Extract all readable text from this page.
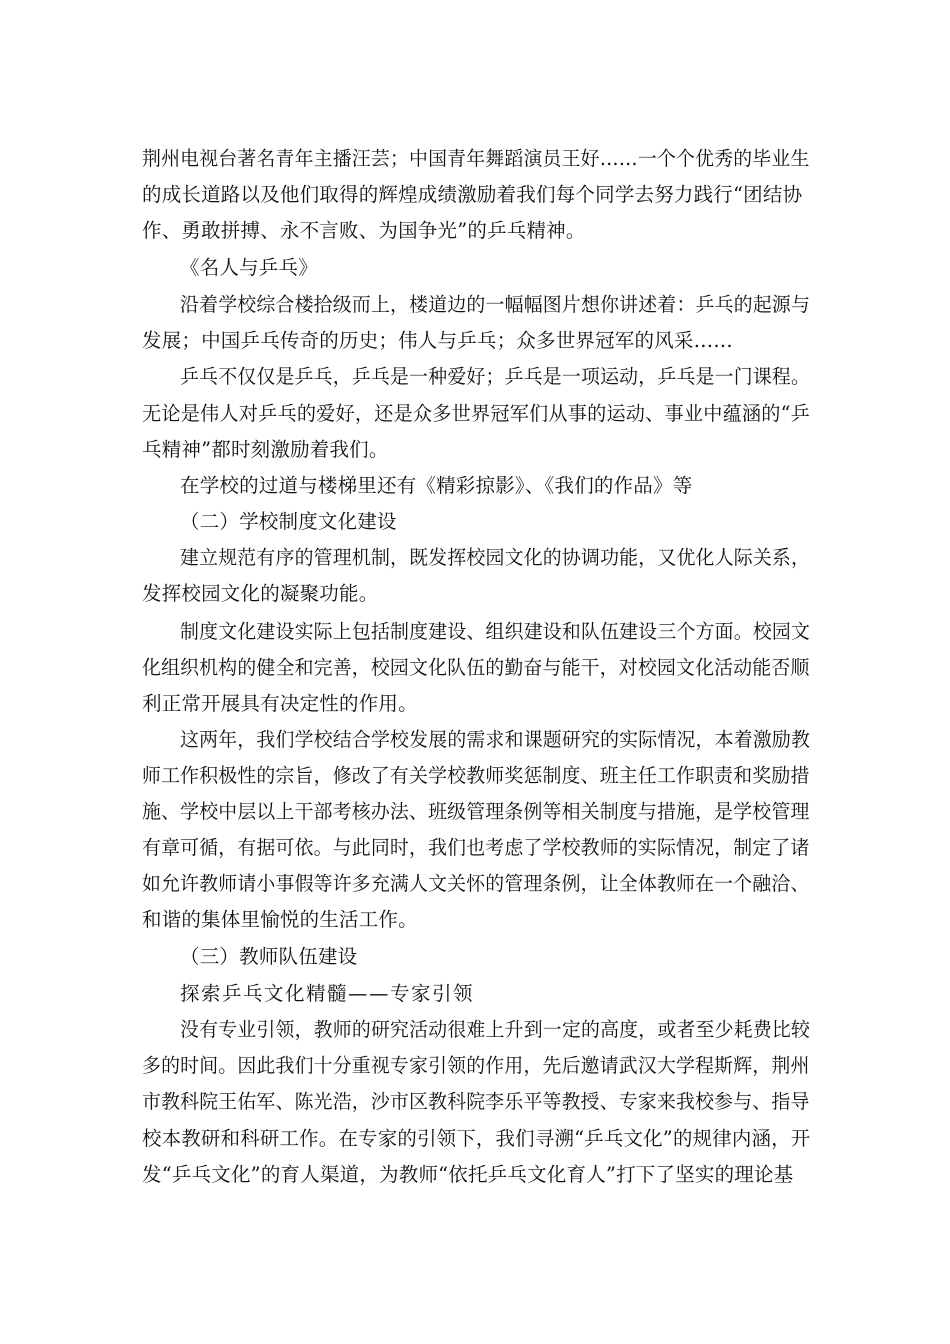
荆州电视台著名青年主播汪芸；中国青年舞蹈演员王好……一个个优秀的毕业生
的成长道路以及他们取得的辉煌成绩激励着我们每个同学去努力践行“团结协
作、勇敢拼搏、永不言败、为国争光”的乒乓精神。
《名人与乒乓》
沿着学校综合楼拾级而上，楼道边的一幅幅图片想你讲述着：乒乓的起源与
发展；中国乒乓传奇的历史；伟人与乒乓；众多世界冠军的风采……
乒乓不仅仅是乒乓，乒乓是一种爱好；乒乓是一项运动，乒乓是一门课程。
无论是伟人对乒乓的爱好，还是众多世界冠军们从事的运动、事业中蕴涵的“乒
乓精神”都时刻激励着我们。
在学校的过道与楼梯里还有《精彩掠影》、《我们的作品》等
（二）学校制度文化建设
建立规范有序的管理机制，既发挥校园文化的协调功能，又优化人际关系，
发挥校园文化的凝聚功能。
制度文化建设实际上包括制度建设、组织建设和队伍建设三个方面。校园文
化组织机构的健全和完善，校园文化队伍的勤奋与能干，对校园文化活动能否顺
利正常开展具有决定性的作用。
这两年，我们学校结合学校发展的需求和课题研究的实际情况，本着激励教
师工作积极性的宗旨，修改了有关学校教师奖惩制度、班主任工作职责和奖励措
施、学校中层以上干部考核办法、班级管理条例等相关制度与措施，是学校管理
有章可循，有据可依。与此同时，我们也考虑了学校教师的实际情况，制定了诸
如允许教师请小事假等许多充满人文关怀的管理条例，让全体教师在一个融洽、
和谐的集体里愉悦的生活工作。
（三）教师队伍建设
探索乒乓文化精髓——专家引领
没有专业引领，教师的研究活动很难上升到一定的高度，或者至少耗费比较
多的时间。因此我们十分重视专家引领的作用，先后邀请武汉大学程斯辉，荆州
市教科院王佑军、陈光浩，沙市区教科院李乐平等教授、专家来我校参与、指导
校本教研和科研工作。在专家的引领下，我们寻溯“乒乓文化”的规律内涵，开
发“乒乓文化”的育人渠道，为教师“依托乒乓文化育人”打下了坚实的理论基
